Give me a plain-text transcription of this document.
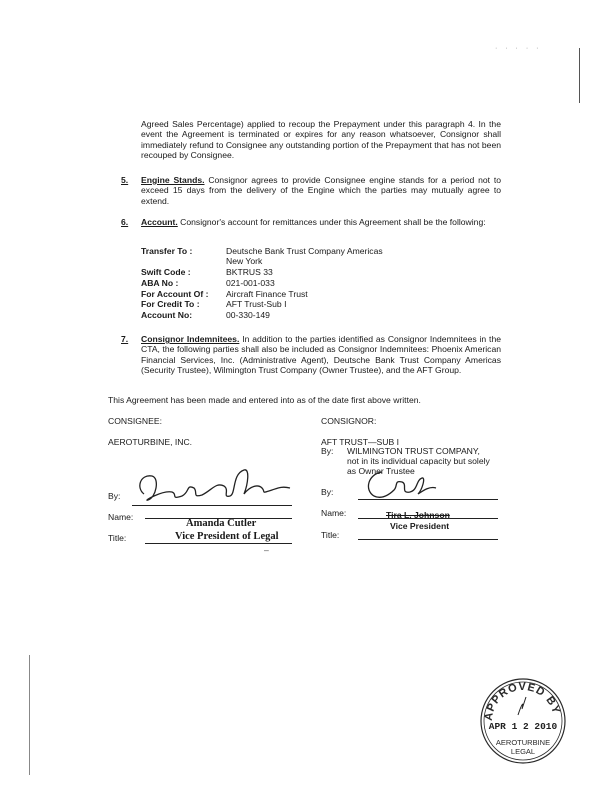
· · · · ·
Agreed Sales Percentage) applied to recoup the Prepayment under this paragraph 4. In the event the Agreement is terminated or expires for any reason whatsoever, Consignor shall immediately refund to Consignee any outstanding portion of the Prepayment that has not been recouped by Consignee.
5. Engine Stands. Consignor agrees to provide Consignee engine stands for a period not to exceed 15 days from the delivery of the Engine which the parties may mutually agree to extend.
6. Account. Consignor's account for remittances under this Agreement shall be the following:
Transfer To :	Deutsche Bank Trust Company Americas
New York
Swift Code :	BKTRUS 33
ABA No :	021-001-033
For Account Of : Aircraft Finance Trust
For Credit To :	AFT Trust-Sub I
Account No:	00-330-149
7. Consignor Indemnitees. In addition to the parties identified as Consignor Indemnitees in the CTA, the following parties shall also be included as Consignor Indemnitees: Phoenix American Financial Services, Inc. (Administrative Agent), Deutsche Bank Trust Company Americas (Security Trustee), Wilmington Trust Company (Owner Trustee), and the AFT Group.
This Agreement has been made and entered into as of the date first above written.
CONSIGNEE:
AEROTURBINE, INC.
By:
Name:
Amanda Cutler
Title:	Vice President of Legal
CONSIGNOR:
AFT TRUST—SUB I
By: WILMINGTON TRUST COMPANY,
not in its individual capacity but solely
as Owner Trustee
By:
Name:	Tira L. Johnson
Vice President
Title:
–
APPROVED BY
APR 1 2 2010
AEROTURBINE
LEGAL
